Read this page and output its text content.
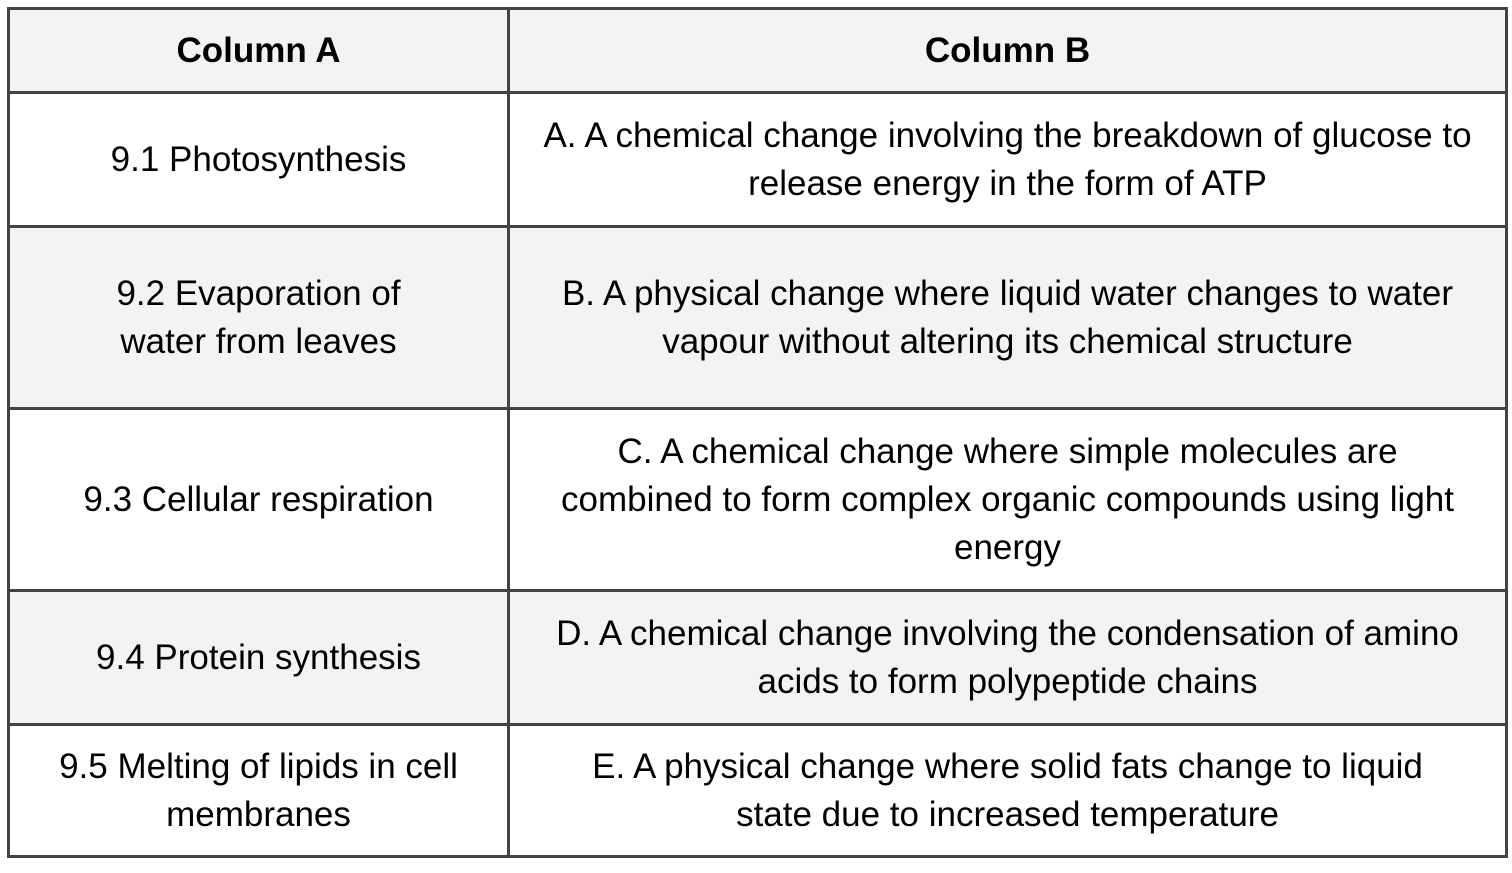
Column A	Column B
9.1 Photosynthesis	A. A chemical change involving the breakdown of glucose to release energy in the form of ATP
9.2 Evaporation of water from leaves	B. A physical change where liquid water changes to water vapour without altering its chemical structure
9.3 Cellular respiration	C. A chemical change where simple molecules are combined to form complex organic compounds using light energy
9.4 Protein synthesis	D. A chemical change involving the condensation of amino acids to form polypeptide chains
9.5 Melting of lipids in cell membranes	E. A physical change where solid fats change to liquid state due to increased temperature
